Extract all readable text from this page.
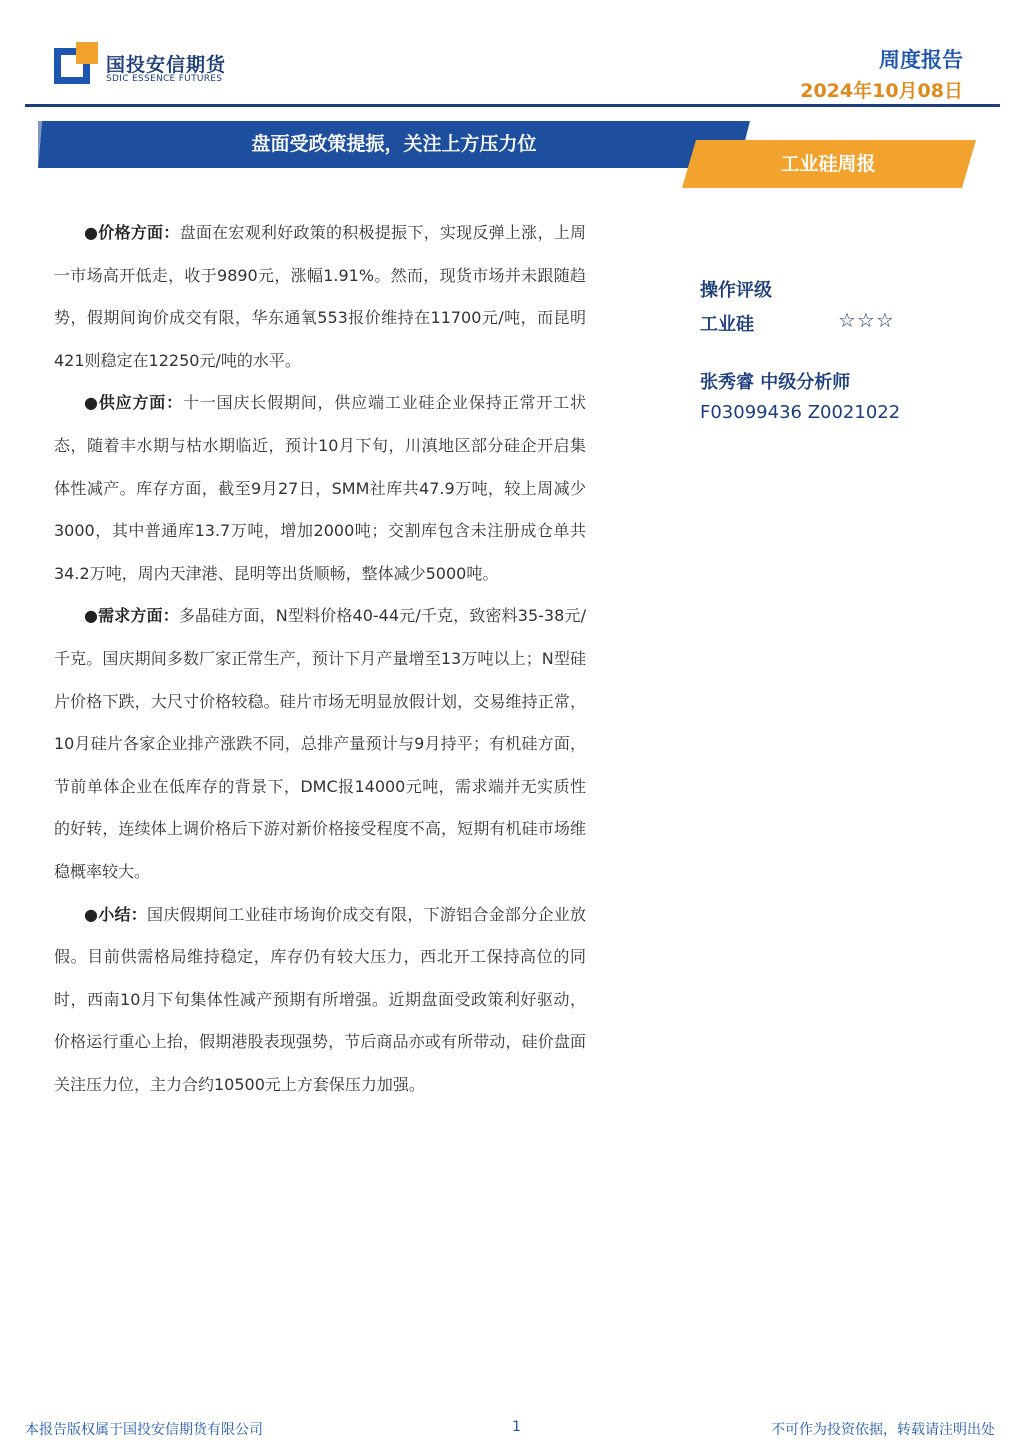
国投安信期货
SDIC ESSENCE FUTURES
周度报告
2024年10月08日
盘面受政策提振，关注上方压力位
工业硅周报

●价格方面：盘面在宏观利好政策的积极提振下，实现反弹上涨，上周一市场高开低走，收于9890元，涨幅1.91%。然而，现货市场并未跟随趋势，假期间询价成交有限，华东通氧553报价维持在11700元/吨，而昆明421则稳定在12250元/吨的水平。

●供应方面：十一国庆长假期间，供应端工业硅企业保持正常开工状态，随着丰水期与枯水期临近，预计10月下旬，川滇地区部分硅企开启集体性减产。库存方面，截至9月27日，SMM社库共47.9万吨，较上周减少3000，其中普通库13.7万吨，增加2000吨；交割库包含未注册成仓单共34.2万吨，周内天津港、昆明等出货顺畅，整体减少5000吨。

●需求方面：多晶硅方面，N型料价格40-44元/千克，致密料35-38元/千克。国庆期间多数厂家正常生产，预计下月产量增至13万吨以上；N型硅片价格下跌，大尺寸价格较稳。硅片市场无明显放假计划，交易维持正常，10月硅片各家企业排产涨跌不同，总排产量预计与9月持平；有机硅方面，节前单体企业在低库存的背景下，DMC报14000元吨，需求端并无实质性的好转，连续体上调价格后下游对新价格接受程度不高，短期有机硅市场维稳概率较大。

●小结：国庆假期间工业硅市场询价成交有限，下游铝合金部分企业放假。目前供需格局维持稳定，库存仍有较大压力，西北开工保持高位的同时，西南10月下旬集体性减产预期有所增强。近期盘面受政策利好驱动，价格运行重心上抬，假期港股表现强势，节后商品亦或有所带动，硅价盘面关注压力位，主力合约10500元上方套保压力加强。

操作评级
工业硅	☆☆☆
张秀睿 中级分析师
F03099436 Z0021022
本报告版权属于国投安信期货有限公司	1	不可作为投资依据，转载请注明出处
